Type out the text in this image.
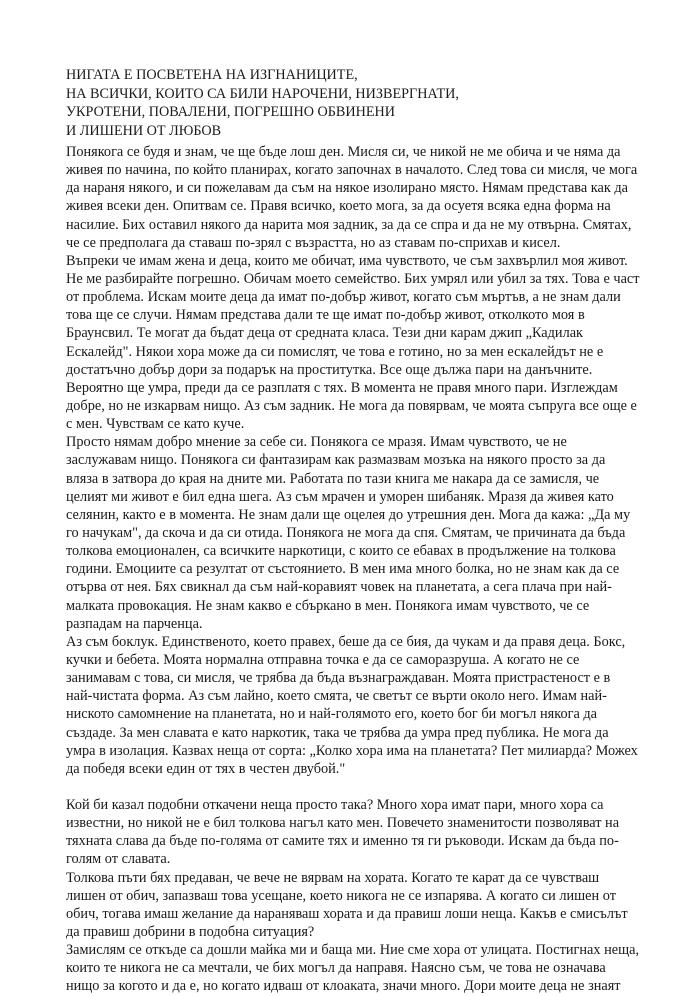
НИГАТА Е ПОСВЕТЕНА НА ИЗГНАНИЦИТЕ,
НА ВСИЧКИ, КОИТО СА БИЛИ НАРОЧЕНИ, НИЗВЕРГНАТИ,
УКРОТЕНИ, ПОВАЛЕНИ, ПОГРЕШНО ОБВИНЕНИ
И ЛИШЕНИ ОТ ЛЮБОВ
Понякога се будя и знам, че ще бъде лош ден. Мисля си, че никой не ме обича и че няма да
живея по начина, по който планирах, когато започнах в началото. След това си мисля, че мога
да нараня някого, и си пожелавам да съм на някое изолирано място. Нямам представа как да
живея всеки ден. Опитвам се. Правя всичко, което мога, за да осуетя всяка една форма на
насилие. Бих оставил някого да нарита моя задник, за да се спра и да не му отвърна. Смятах,
че се предполага да ставаш по-зрял с възрастта, но аз ставам по-сприхав и кисел.
Въпреки че имам жена и деца, които ме обичат, има чувството, че съм захвърлил моя живот.
Не ме разбирайте погрешно. Обичам моето семейство. Бих умрял или убил за тях. Това е част
от проблема. Искам моите деца да имат по-добър живот, когато съм мъртъв, а не знам дали
това ще се случи. Нямам представа дали те ще имат по-добър живот, отколкото моя в
Браунсвил. Те могат да бъдат деца от средната класа. Тези дни карам джип „Кадилак
Ескалейд". Някои хора може да си помислят, че това е готино, но за мен ескалейдът не е
достатъчно добър дори за подарък на проститутка. Все още дължа пари на данъчните.
Вероятно ще умра, преди да се разплатя с тях. В момента не правя много пари. Изглеждам
добре, но не изкарвам нищо. Аз съм задник. Не мога да повярвам, че моята съпруга все още е
с мен. Чувствам се като куче.
Просто нямам добро мнение за себе си. Понякога се мразя. Имам чувството, че не
заслужавам нищо. Понякога си фантазирам как размазвам мозъка на някого просто за да
вляза в затвора до края на дните ми. Работата по тази книга ме накара да се замисля, че
целият ми живот е бил една шега. Аз съм мрачен и уморен шибаняк. Мразя да живея като
селянин, както е в момента. Не знам дали ще оцелея до утрешния ден. Мога да кажа: „Да му
го начукам", да скоча и да си отида. Понякога не мога да спя. Смятам, че причината да бъда
толкова емоционален, са всичките наркотици, с които се ебавах в продължение на толкова
години. Емоциите са резултат от състоянието. В мен има много болка, но не знам как да се
отърва от нея. Бях свикнал да съм най-коравият човек на планетата, а сега плача при най-
малката провокация. Не знам какво е сбъркано в мен. Понякога имам чувството, че се
разпадам на парченца.
Аз съм боклук. Единственото, което правех, беше да се бия, да чукам и да правя деца. Бокс,
кучки и бебета. Моята нормална отправна точка е да се саморазруша. А когато не се
занимавам с това, си мисля, че трябва да бъда възнаграждаван. Моята пристрастеност е в
най-чистата форма. Аз съм лайно, което смята, че светът се върти около него. Имам най-
ниското самомнение на планетата, но и най-голямото его, което бог би могъл някога да
създаде. За мен славата е като наркотик, така че трябва да умра пред публика. Не мога да
умра в изолация. Казвах неща от сорта: „Колко хора има на планетата? Пет милиарда? Можех
да победя всеки един от тях в честен двубой."
Кой би казал подобни откачени неща просто така? Много хора имат пари, много хора са
известни, но никой не е бил толкова нагъл като мен. Повечето знаменитости позволяват на
тяхната слава да бъде по-голяма от самите тях и именно тя ги ръководи. Искам да бъда по-
голям от славата.
Толкова пъти бях предаван, че вече не вярвам на хората. Когато те карат да се чувстваш
лишен от обич, запазваш това усещане, което никога не се изпарява. А когато си лишен от
обич, тогава имаш желание да нараняваш хората и да правиш лоши неща. Какъв е смисълът
да правиш добрини в подобна ситуация?
Замислям се откъде са дошли майка ми и баща ми. Ние сме хора от улицата. Постигнах неща,
които те никога не са мечтали, че бих могъл да направя. Наясно съм, че това не означава
нищо за когото и да е, но когато идваш от клоаката, значи много. Дори моите деца не знаят
